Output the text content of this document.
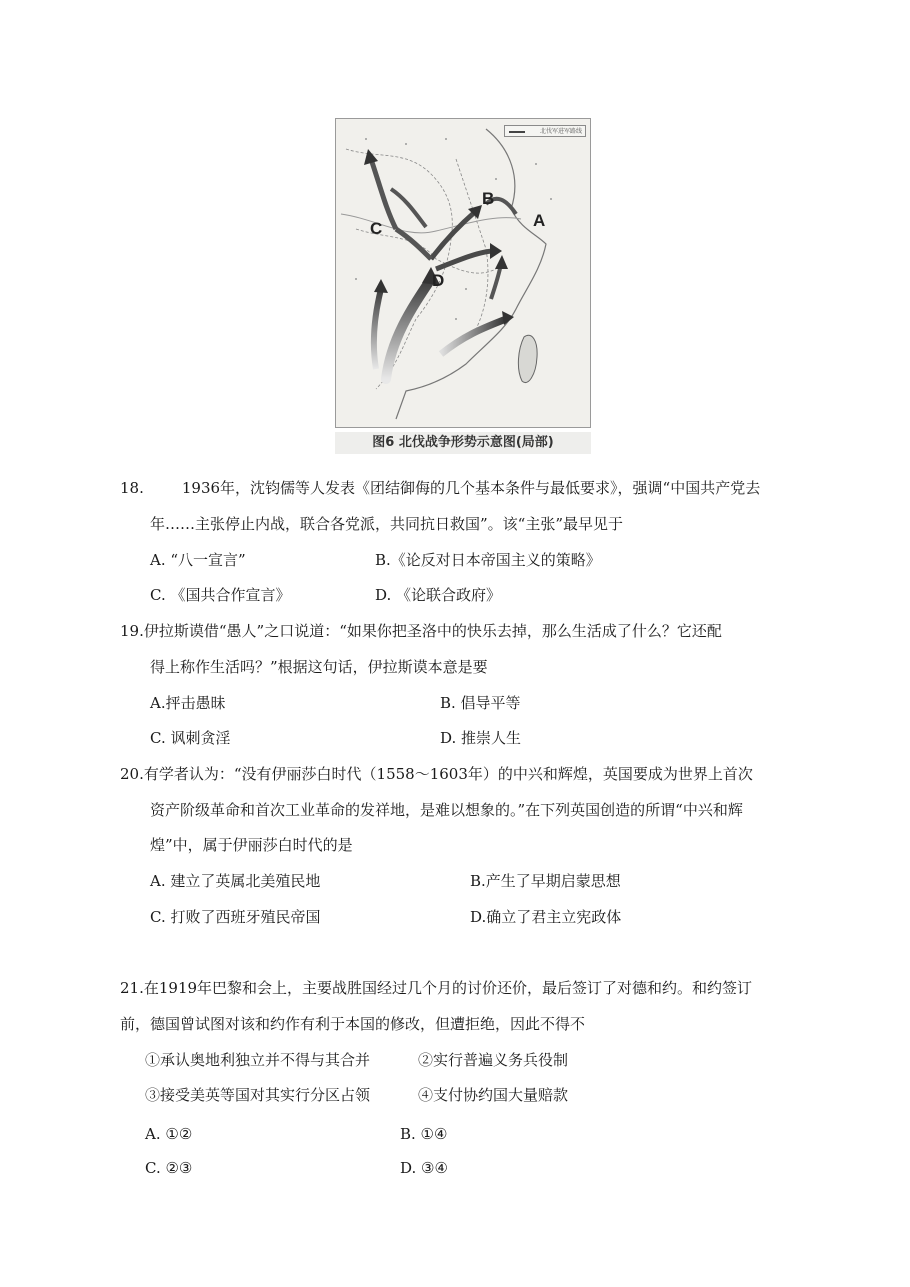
北伐军进军路线
A
B
C
D
图6 北伐战争形势示意图(局部)
18.	1936年，沈钧儒等人发表《团结御侮的几个基本条件与最低要求》，强调“中国共产党去
年……主张停止内战，联合各党派，共同抗日救国”。该“主张”最早见于
A. “八一宣言”	B.《论反对日本帝国主义的策略》
C. 《国共合作宣言》	D. 《论联合政府》
19.伊拉斯谟借“愚人”之口说道：“如果你把圣洛中的快乐去掉，那么生活成了什么？它还配
得上称作生活吗？”根据这句话，伊拉斯谟本意是要
A.抨击愚昧	B. 倡导平等
C. 讽刺贪淫	D. 推崇人生
20.有学者认为：“没有伊丽莎白时代（1558～1603年）的中兴和辉煌，英国要成为世界上首次
资产阶级革命和首次工业革命的发祥地，是难以想象的。”在下列英国创造的所谓“中兴和辉
煌”中，属于伊丽莎白时代的是
A. 建立了英属北美殖民地	B.产生了早期启蒙思想
C. 打败了西班牙殖民帝国	D.确立了君主立宪政体
21.在1919年巴黎和会上，主要战胜国经过几个月的讨价还价，最后签订了对德和约。和约签订
前，德国曾试图对该和约作有利于本国的修改，但遭拒绝，因此不得不
①承认奥地利独立并不得与其合并	②实行普遍义务兵役制
③接受美英等国对其实行分区占领	④支付协约国大量赔款
A. ①②	B. ①④
C. ②③	D. ③④
